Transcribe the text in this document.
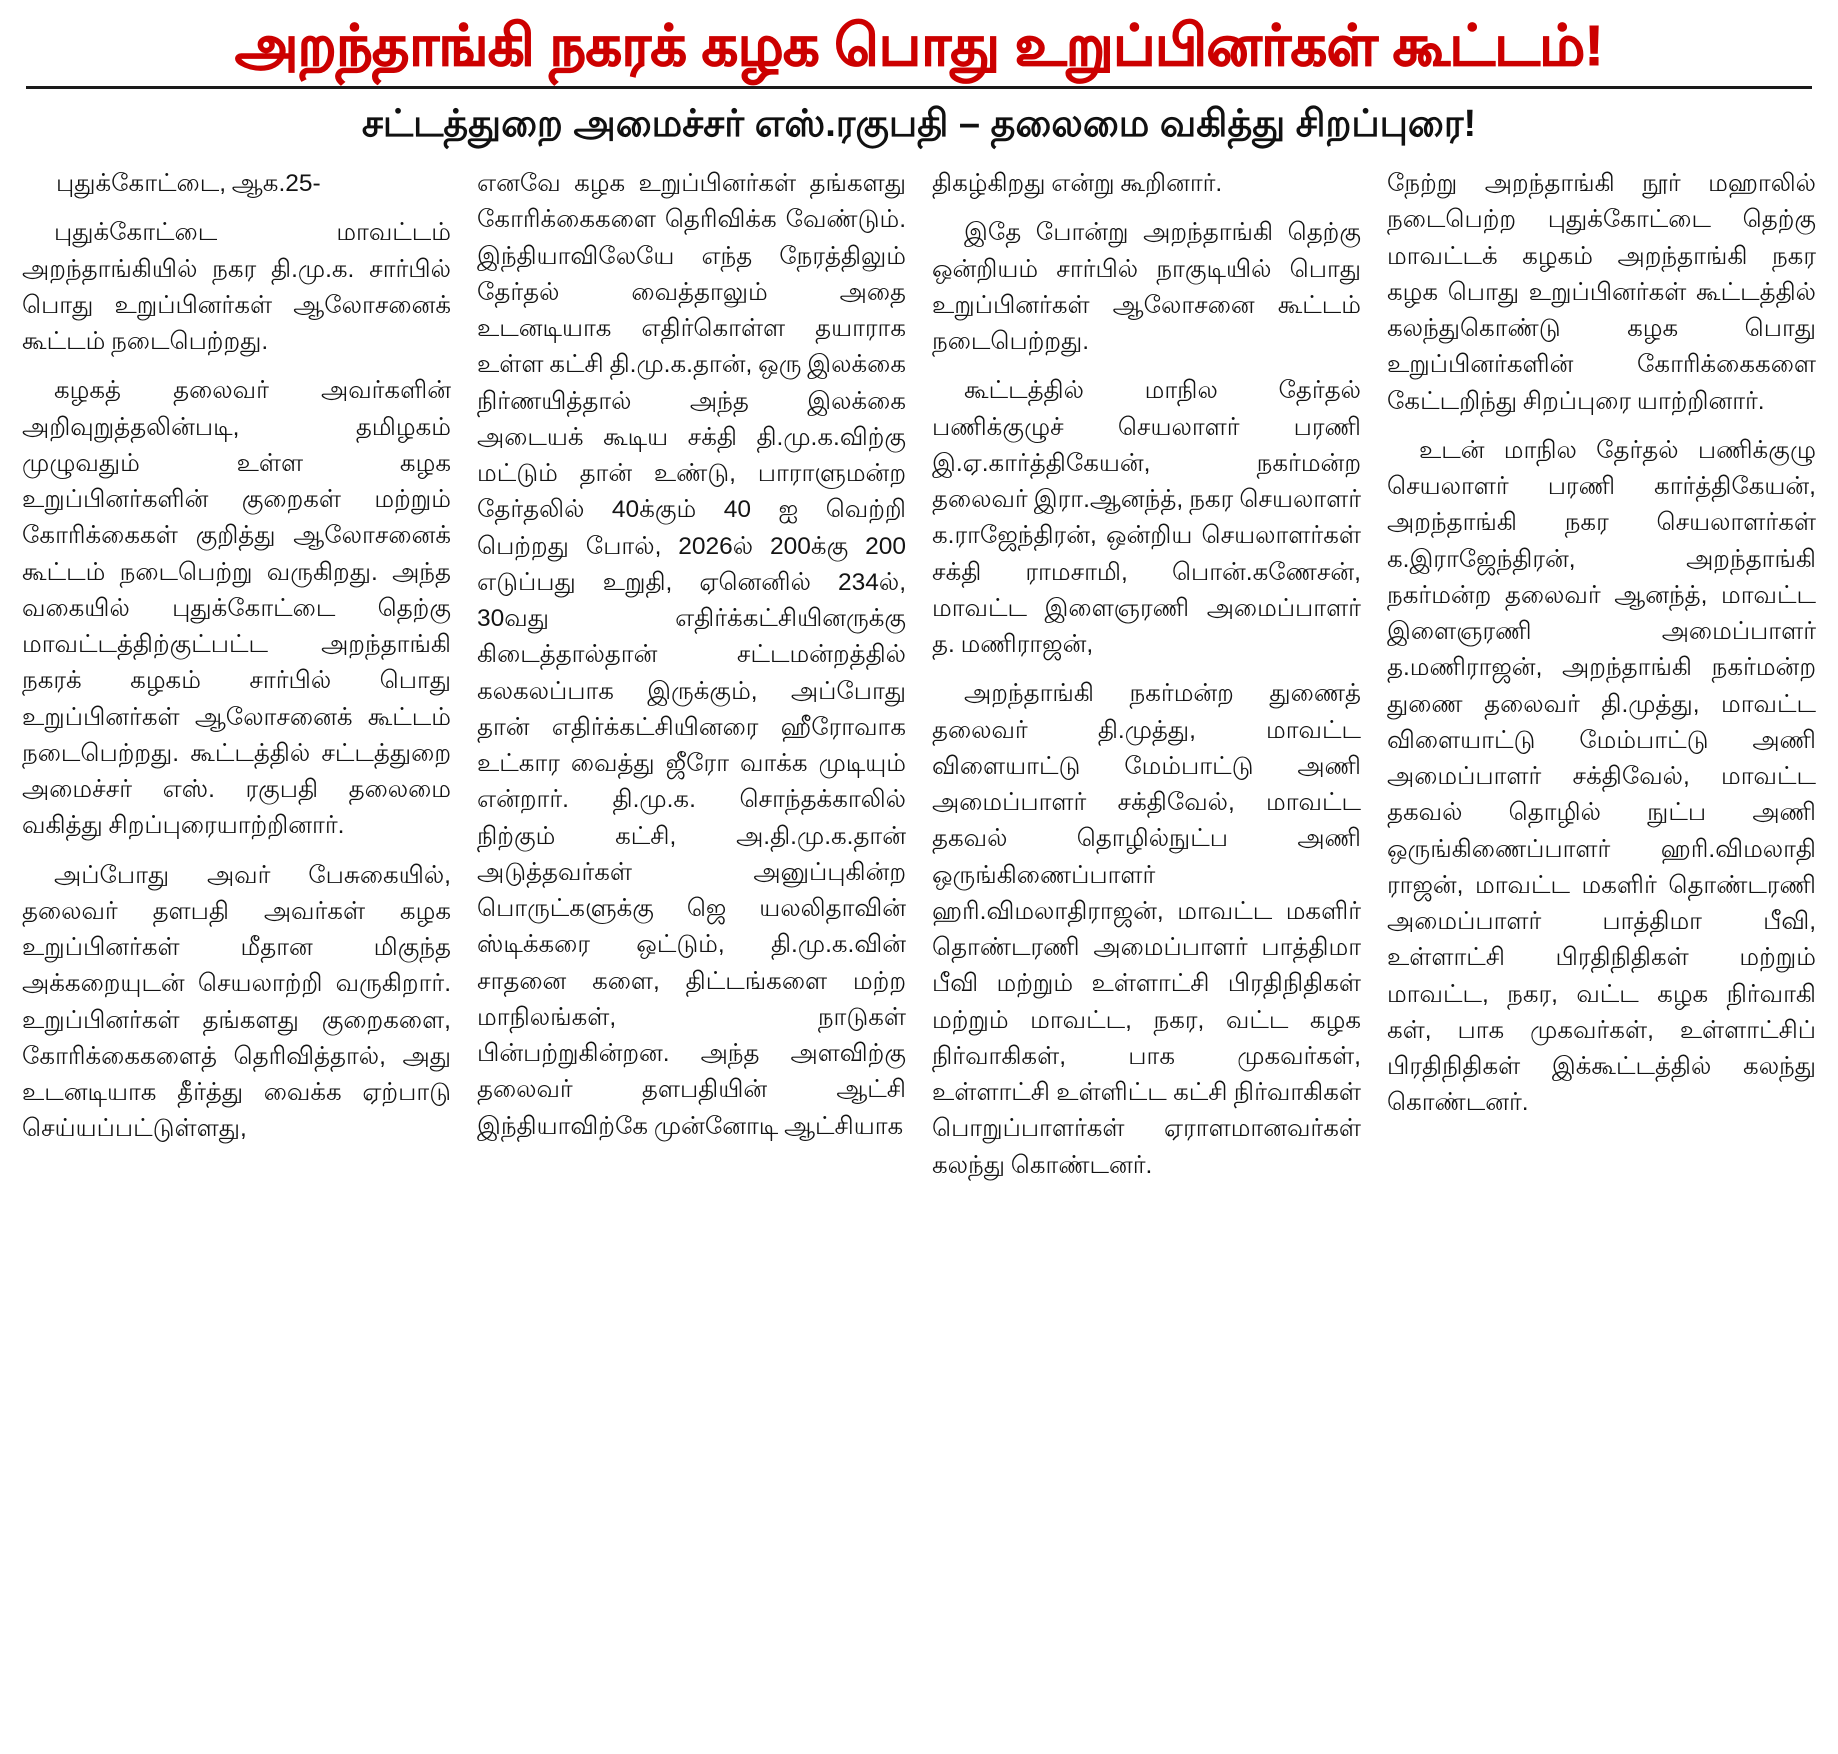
அறந்தாங்கி நகரக் கழக பொது உறுப்பினர்கள் கூட்டம்!
சட்டத்துறை அமைச்சர் எஸ்.ரகுபதி – தலைமை வகித்து சிறப்புரை!

புதுக்கோட்டை, ஆக.25-

புதுக்கோட்டை மாவட்டம் அறந்தாங்கியில் நகர தி.மு.க. சார்பில் பொது உறுப்பினர்கள் ஆலோசனைக் கூட்டம் நடைபெற்றது.

கழகத் தலைவர் அவர்களின் அறிவுறுத்தலின்படி, தமிழகம் முழுவதும் உள்ள கழக உறுப்பினர்களின் குறைகள் மற்றும் கோரிக்கைகள் குறித்து ஆலோசனைக் கூட்டம் நடைபெற்று வருகிறது. அந்த வகையில் புதுக்கோட்டை தெற்கு மாவட்டத்திற்குட்பட்ட அறந்தாங்கி நகரக் கழகம் சார்பில் பொது உறுப்பினர்கள் ஆலோசனைக் கூட்டம் நடைபெற்றது. கூட்டத்தில் சட்டத்துறை அமைச்சர் எஸ். ரகுபதி தலைமை வகித்து சிறப்புரையாற்றினார்.

அப்போது அவர் பேசுகையில், தலைவர் தளபதி அவர்கள் கழக உறுப்பினர்கள் மீதான மிகுந்த அக்கறையுடன் செயலாற்றி வருகிறார். உறுப்பினர்கள் தங்களது குறைகளை, கோரிக்கைகளைத் தெரிவித்தால், அது உடனடியாக தீர்த்து வைக்க ஏற்பாடு செய்யப்பட்டுள்ளது,

எனவே கழக உறுப்பினர்கள் தங்களது கோரிக்கைகளை தெரிவிக்க வேண்டும். இந்தியாவிலேயே எந்த நேரத்திலும் தேர்தல் வைத்தாலும் அதை உடனடியாக எதிர்கொள்ள தயாராக உள்ள கட்சி தி.மு.க.தான், ஒரு இலக்கை நிர்ணயித்தால் அந்த இலக்கை அடையக் கூடிய சக்தி தி.மு.க.விற்கு மட்டும் தான் உண்டு, பாராளுமன்ற தேர்தலில் 40க்கும் 40 ஐ வெற்றி பெற்றது போல், 2026ல் 200க்கு 200 எடுப்பது உறுதி, ஏனெனில் 234ல், 30வது எதிர்க்கட்சியினருக்கு கிடைத்தால்தான் சட்டமன்றத்தில் கலகலப்பாக இருக்கும், அப்போது தான் எதிர்க்கட்சியினரை ஹீரோவாக உட்கார வைத்து ஜீரோ வாக்க முடியும் என்றார். தி.மு.க. சொந்தக்காலில் நிற்கும் கட்சி, அ.தி.மு.க.தான் அடுத்தவர்கள் அனுப்புகின்ற பொருட்களுக்கு ஜெ யலலிதாவின் ஸ்டிக்கரை ஒட்டும், தி.மு.க.வின் சாதனை களை, திட்டங்களை மற்ற மாநிலங்கள், நாடுகள் பின்பற்றுகின்றன. அந்த அளவிற்கு தலைவர் தளபதியின் ஆட்சி இந்தியாவிற்கே முன்னோடி ஆட்சியாக

திகழ்கிறது என்று கூறினார்.

இதே போன்று அறந்தாங்கி தெற்கு ஒன்றியம் சார்பில் நாகுடியில் பொது உறுப்பினர்கள் ஆலோசனை கூட்டம் நடைபெற்றது.

கூட்டத்தில் மாநில தேர்தல் பணிக்குழுச் செயலாளர் பரணி இ.ஏ.கார்த்திகேயன், நகர்மன்ற தலைவர் இரா.ஆனந்த், நகர செயலாளர் க.ராஜேந்திரன், ஒன்றிய செயலாளர்கள் சக்தி ராமசாமி, பொன்.கணேசன், மாவட்ட இளைஞரணி அமைப்பாளர் த. மணிராஜன்,

அறந்தாங்கி நகர்மன்ற துணைத் தலைவர் தி.முத்து, மாவட்ட விளையாட்டு மேம்பாட்டு அணி அமைப்பாளர் சக்திவேல், மாவட்ட தகவல் தொழில்நுட்ப அணி ஒருங்கிணைப்பாளர் ஹரி.விமலாதிராஜன், மாவட்ட மகளிர் தொண்டரணி அமைப்பாளர் பாத்திமா பீவி மற்றும் உள்ளாட்சி பிரதிநிதிகள் மற்றும் மாவட்ட, நகர, வட்ட கழக நிர்வாகிகள், பாக முகவர்கள், உள்ளாட்சி உள்ளிட்ட கட்சி நிர்வாகிகள் பொறுப்பாளர்கள் ஏராளமானவர்கள் கலந்து கொண்டனர்.

நேற்று அறந்தாங்கி நூர் மஹாலில் நடைபெற்ற புதுக்கோட்டை தெற்கு மாவட்டக் கழகம் அறந்தாங்கி நகர கழக பொது உறுப்பினர்கள் கூட்டத்தில் கலந்துகொண்டு கழக பொது உறுப்பினர்களின் கோரிக்கைகளை கேட்டறிந்து சிறப்புரை யாற்றினார்.

உடன் மாநில தேர்தல் பணிக்குழு செயலாளர் பரணி கார்த்திகேயன், அறந்தாங்கி நகர செயலாளர்கள் க.இராஜேந்திரன், அறந்தாங்கி நகர்மன்ற தலைவர் ஆனந்த், மாவட்ட இளைஞரணி அமைப்பாளர் த.மணிராஜன், அறந்தாங்கி நகர்மன்ற துணை தலைவர் தி.முத்து, மாவட்ட விளையாட்டு மேம்பாட்டு அணி அமைப்பாளர் சக்திவேல், மாவட்ட தகவல் தொழில் நுட்ப அணி ஒருங்கிணைப்பாளர் ஹரி.விமலாதி ராஜன், மாவட்ட மகளிர் தொண்டரணி அமைப்பாளர் பாத்திமா பீவி, உள்ளாட்சி பிரதிநிதிகள் மற்றும் மாவட்ட, நகர, வட்ட கழக நிர்வாகி கள், பாக முகவர்கள், உள்ளாட்சிப் பிரதிநிதிகள் இக்கூட்டத்தில் கலந்து கொண்டனர்.
